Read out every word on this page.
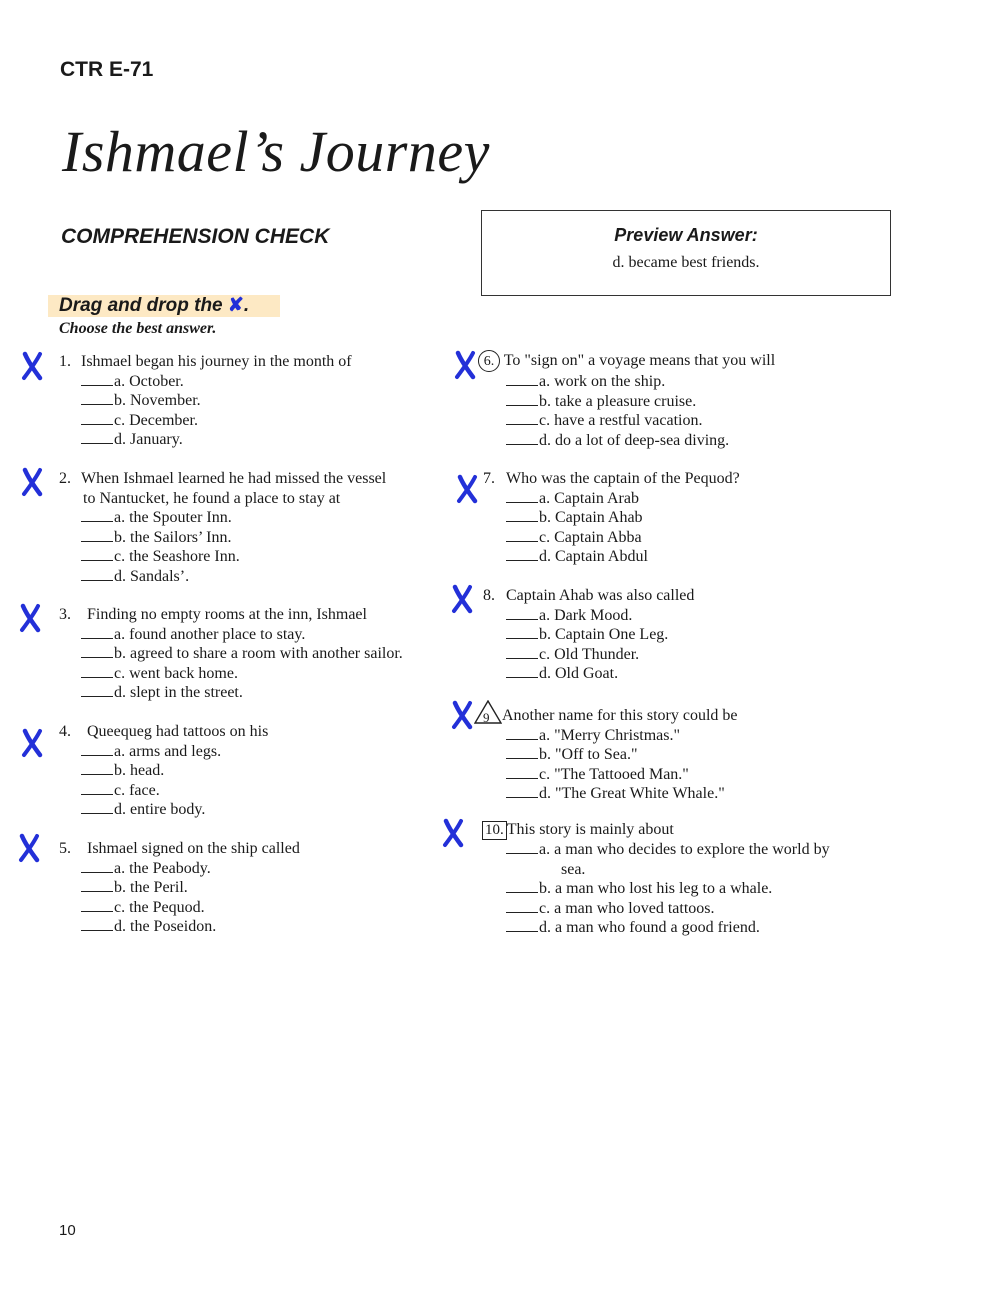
CTR E-71
Ishmael’s Journey
COMPREHENSION CHECK	Preview Answer:
d. became best friends.
Drag and drop the ✘.
Choose the best answer.
1. Ishmael began his journey in the month of
a. October.
b. November.
c. December.
d. January.
2. When Ishmael learned he had missed the vessel
to Nantucket, he found a place to stay at
a. the Spouter Inn.
b. the Sailors’ Inn.
c. the Seashore Inn.
d. Sandals’.
3. Finding no empty rooms at the inn, Ishmael
a. found another place to stay.
b. agreed to share a room with another sailor.
c. went back home.
d. slept in the street.
4. Queequeg had tattoos on his
a. arms and legs.
b. head.
c. face.
d. entire body.
5. Ishmael signed on the ship called
a. the Peabody.
b. the Peril.
c. the Pequod.
d. the Poseidon.
6. To "sign on" a voyage means that you will
a. work on the ship.
b. take a pleasure cruise.
c. have a restful vacation.
d. do a lot of deep-sea diving.
7. Who was the captain of the Pequod?
a. Captain Arab
b. Captain Ahab
c. Captain Abba
d. Captain Abdul
8. Captain Ahab was also called
a. Dark Mood.
b. Captain One Leg.
c. Old Thunder.
d. Old Goat.
9 Another name for this story could be
a. "Merry Christmas."
b. "Off to Sea."
c. "The Tattooed Man."
d. "The Great White Whale."
10. This story is mainly about
a. a man who decides to explore the world by
sea.
b. a man who lost his leg to a whale.
c. a man who loved tattoos.
d. a man who found a good friend.
10
